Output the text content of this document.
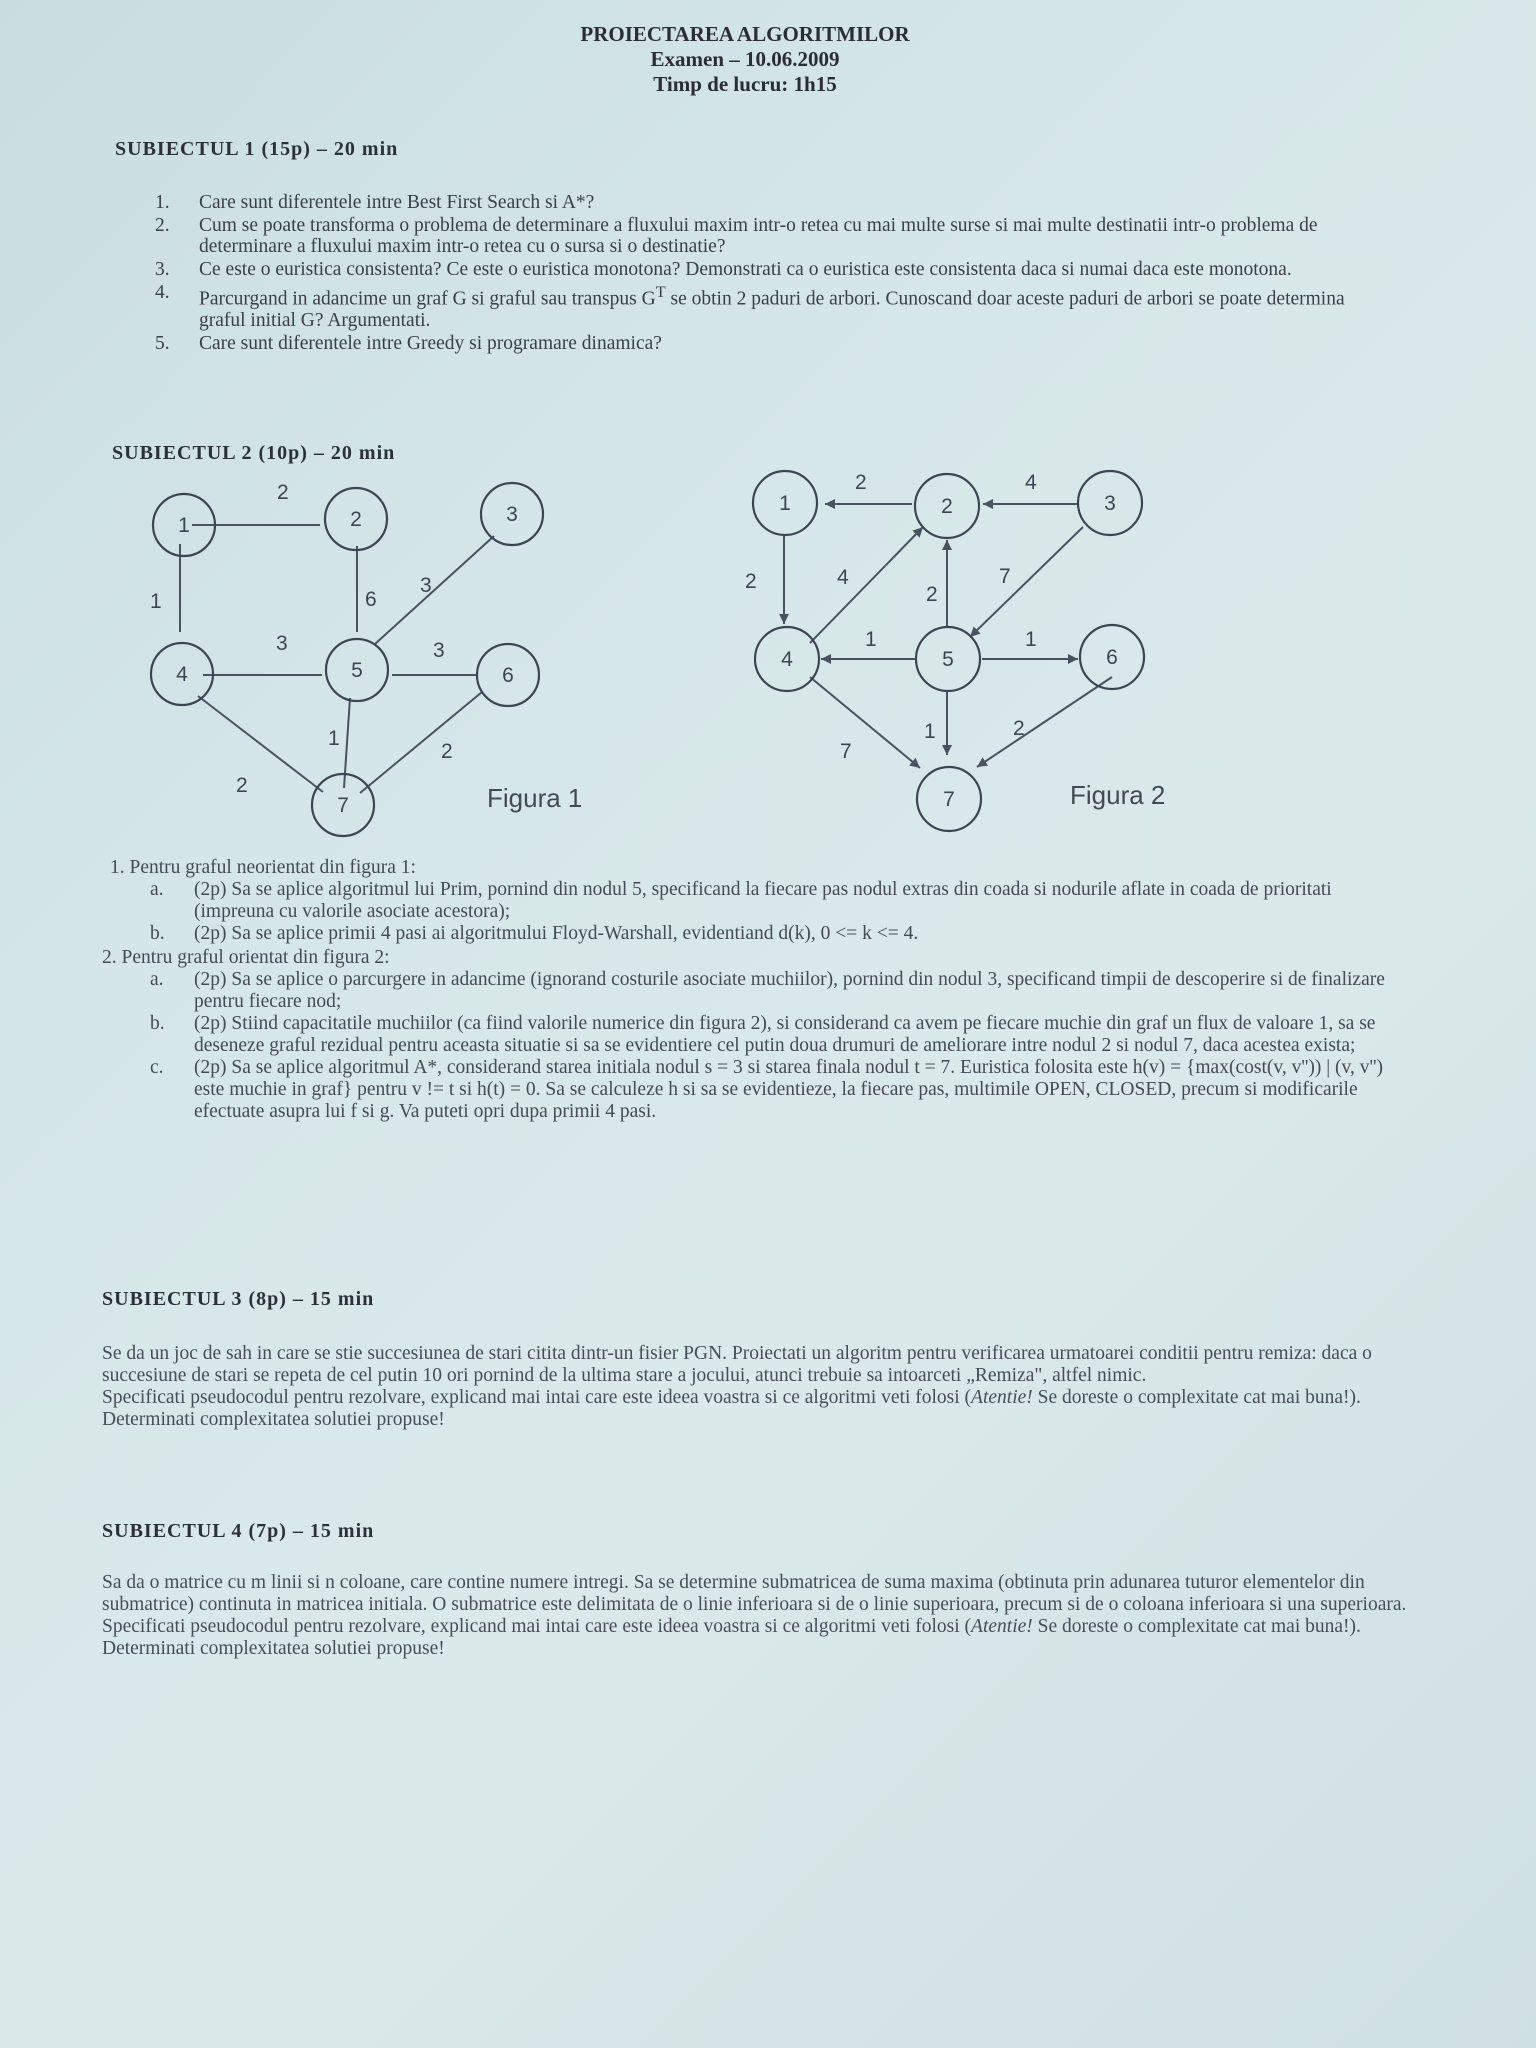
PROIECTAREA ALGORITMILOR
Examen – 10.06.2009
Timp de lucru: 1h15
SUBIECTUL 1 (15p) – 20 min
1.	Care sunt diferentele intre Best First Search si A*?
2.	Cum se poate transforma o problema de determinare a fluxului maxim intr-o retea cu mai multe surse si mai multe destinatii intr-o problema de determinare a fluxului maxim intr-o retea cu o sursa si o destinatie?
3.	Ce este o euristica consistenta? Ce este o euristica monotona? Demonstrati ca o euristica este consistenta daca si numai daca este monotona.
4.	Parcurgand in adancime un graf G si graful sau transpus $G^T$ se obtin 2 paduri de arbori. Cunoscand doar aceste paduri de arbori se poate determina graful initial G? Argumentati.
5.	Care sunt diferentele intre Greedy si programare dinamica?
SUBIECTUL 2 (10p) – 20 min
2
1	6
3
3	3
1
2
2
1	2	3
4	5	6
7	Figura 1
2	4
2	4
2
7
1	1
1
7
2
1	2	3
4	5	6
7	Figura 2
1. Pentru graful neorientat din figura 1:
a.	(2p) Sa se aplice algoritmul lui Prim, pornind din nodul 5, specificand la fiecare pas nodul extras din coada si nodurile aflate in coada de prioritati (impreuna cu valorile asociate acestora);
b.	(2p) Sa se aplice primii 4 pasi ai algoritmului Floyd-Warshall, evidentiand d(k), 0 <= k <= 4.
2. Pentru graful orientat din figura 2:
a.	(2p) Sa se aplice o parcurgere in adancime (ignorand costurile asociate muchiilor), pornind din nodul 3, specificand timpii de descoperire si de finalizare pentru fiecare nod;
b.	(2p) Stiind capacitatile muchiilor (ca fiind valorile numerice din figura 2), si considerand ca avem pe fiecare muchie din graf un flux de valoare 1, sa se deseneze graful rezidual pentru aceasta situatie si sa se evidentiere cel putin doua drumuri de ameliorare intre nodul 2 si nodul 7, daca acestea exista;
c.	(2p) Sa se aplice algoritmul A*, considerand starea initiala nodul s = 3 si starea finala nodul t = 7. Euristica folosita este h(v) = {max(cost(v, v'')) | (v, v'') este muchie in graf} pentru v != t si h(t) = 0. Sa se calculeze h si sa se evidentieze, la fiecare pas, multimile OPEN, CLOSED, precum si modificarile efectuate asupra lui f si g. Va puteti opri dupa primii 4 pasi.
SUBIECTUL 3 (8p) – 15 min

Se da un joc de sah in care se stie succesiunea de stari citita dintr-un fisier PGN. Proiectati un algoritm pentru verificarea urmatoarei conditii pentru remiza: daca o succesiune de stari se repeta de cel putin 10 ori pornind de la ultima stare a jocului, atunci trebuie sa intoarceti „Remiza", altfel nimic.

Specificati pseudocodul pentru rezolvare, explicand mai intai care este ideea voastra si ce algoritmi veti folosi (Atentie! Se doreste o complexitate cat mai buna!). Determinati complexitatea solutiei propuse!

SUBIECTUL 4 (7p) – 15 min

Sa da o matrice cu m linii si n coloane, care contine numere intregi. Sa se determine submatricea de suma maxima (obtinuta prin adunarea tuturor elementelor din submatrice) continuta in matricea initiala. O submatrice este delimitata de o linie inferioara si de o linie superioara, precum si de o coloana inferioara si una superioara.

Specificati pseudocodul pentru rezolvare, explicand mai intai care este ideea voastra si ce algoritmi veti folosi (Atentie! Se doreste o complexitate cat mai buna!). Determinati complexitatea solutiei propuse!
